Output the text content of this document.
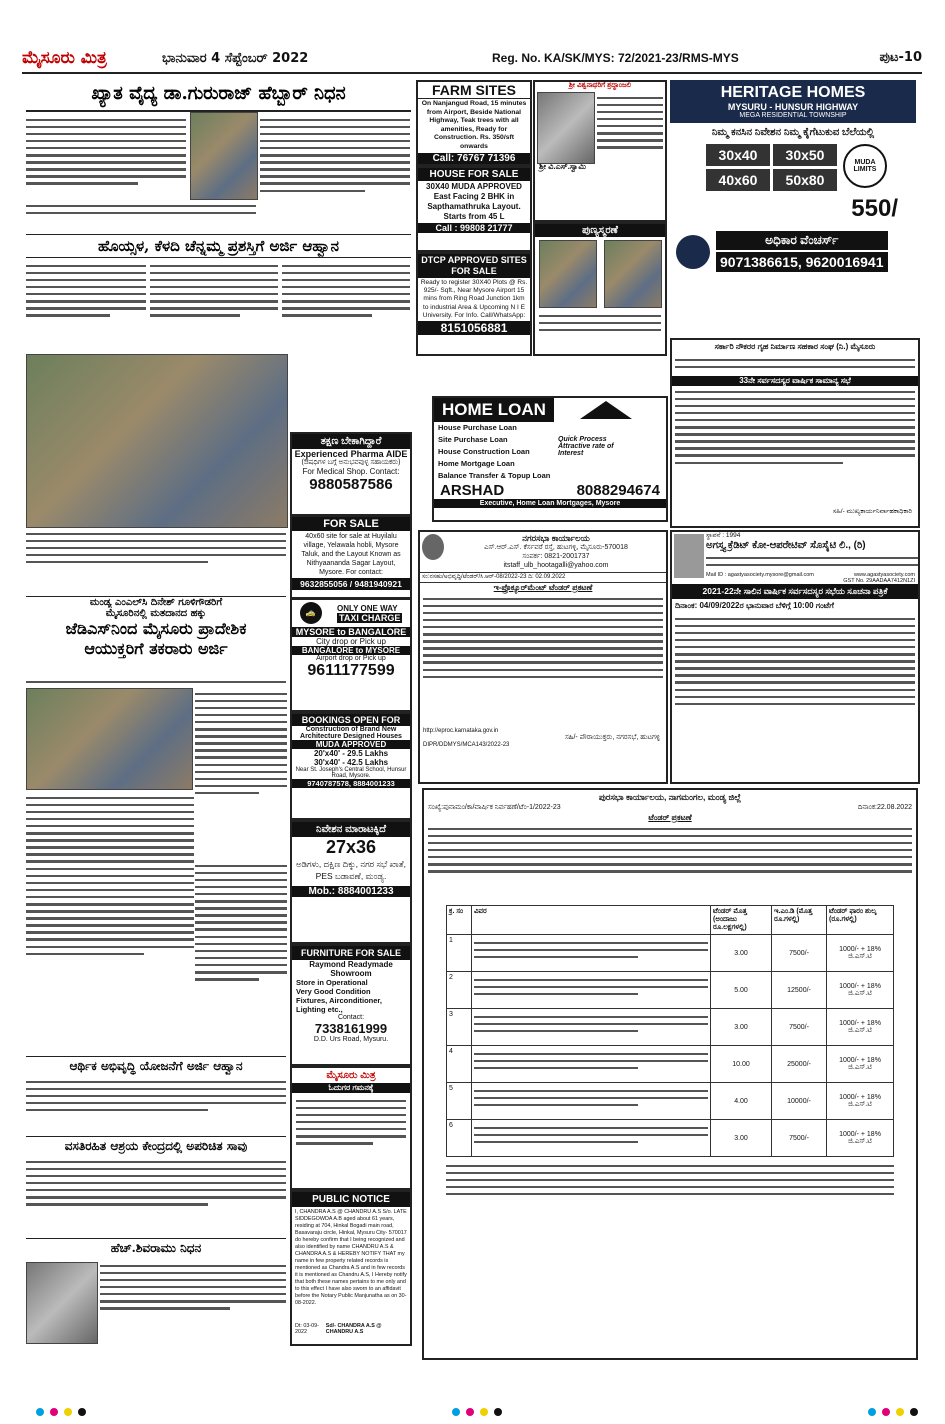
ಮೈಸೂರು ಮಿತ್ರ	ಭಾನುವಾರ 4 ಸೆಪ್ಟೆಂಬರ್ 2022	Reg. No. KA/SK/MYS: 72/2021-23/RMS-MYS	ಪುಟ-10
ಖ್ಯಾತ ವೈದ್ಯ ಡಾ.ಗುರುರಾಜ್ ಹೆಬ್ಬಾರ್ ನಿಧನ
ಹೊಯ್ಸಳ, ಕೆಳದಿ ಚೆನ್ನಮ್ಮ ಪ್ರಶಸ್ತಿಗೆ ಅರ್ಜಿ ಆಹ್ವಾನ
ತಕ್ಷಣ ಬೇಕಾಗಿದ್ದಾರೆ
Experienced Pharma AIDE
(ಔಷಧಿಗಳ ಬಗ್ಗೆ ಅನುಭವವುಳ್ಳ ಸಹಾಯಕರು)
For Medical Shop. Contact:
9880587586
FOR SALE
40x60 site for sale at Huyilalu village, Yelawala hobli, Mysore Taluk, and the Layout Known as Nithyaananda Sagar Layout, Mysore. For contact:
9632855056 / 9481940921
🚕	ONLY ONE WAY
TAXI CHARGE
MYSORE to BANGALORE
City drop or Pick up
BANGALORE to MYSORE
Airport drop or Pick up
9611177599
ಮಂಡ್ಯ ಎಂಎಲ್‌ಸಿ ದಿನೇಶ್ ಗೂಳಿಗೌಡರಿಗೆ
ಮೈಸೂರಿನಲ್ಲಿ ಮತದಾನದ ಹಕ್ಕು
ಜೆಡಿಎಸ್‌ನಿಂದ ಮೈಸೂರು ಪ್ರಾದೇಶಿಕ
ಆಯುಕ್ತರಿಗೆ ತಕರಾರು ಅರ್ಜಿ
ಆರ್ಥಿಕ ಅಭಿವೃದ್ಧಿ ಯೋಜನೆಗೆ ಅರ್ಜಿ ಆಹ್ವಾನ
ವಸತಿರಹಿತ ಆಶ್ರಯ ಕೇಂದ್ರದಲ್ಲಿ ಅಪರಿಚಿತ ಸಾವು
ಹೆಚ್.ಶಿವರಾಮು ನಿಧನ
BOOKINGS OPEN FOR
Construction of Brand New Architecture Designed Houses
MUDA APPROVED
20'x40' - 29.5 Lakhs
30'x40' - 42.5 Lakhs
Near St. Joseph's Central School, Hunsur Road, Mysore.
9740787578, 8884001233
ನಿವೇಶನ ಮಾರಾಟಕ್ಕಿದೆ
27x36
ಅಡಿಗಳು, ದಕ್ಷಿಣ ದಿಕ್ಕು, ನಗರ ಸಭೆ ಖಾತೆ, PES ಬಡಾವಣೆ, ಮಂಡ್ಯ.
Mob.: 8884001233
FURNITURE FOR SALE
Raymond Readymade Showroom
Store in Operational
Very Good Condition
Fixtures, Airconditioner, Lighting etc.,
Contact:
7338161999
D.D. Urs Road, Mysuru.
ಮೈಸೂರು ಮಿತ್ರ
ಓದುಗರ ಗಮನಕ್ಕೆ
PUBLIC NOTICE
I, CHANDRA A.S @ CHANDRU A.S S/o. LATE SIDDEGOWDA A.B aged about 61 years, residing at 704, Hinkal Bogadi main road, Basavaraju circle, Hinkal, Mysuru City- 570017 do hereby confirm that I being recognized and also identified by name CHANDRU A.S & CHANDRA A.S & HEREBY NOTIFY THAT my name in few property related records is mentioned as Chandra A.S and in few records it is mentioned as Chandru A.S, I Hereby notify that both these names pertains to me only and to this effect I have also sworn to an affidavit before the Notary Public Manjunatha as on 30-08-2022.
Dt: 03-09-2022
Sd/- CHANDRA A.S @ CHANDRU A.S
FARM SITES
On Nanjangud Road, 15 minutes from Airport, Beside National Highway, Teak trees with all amenities, Ready for Construction. Rs. 350/sft onwards
Call: 76767 71396
HOUSE FOR SALE
30X40 MUDA APPROVED East Facing 2 BHK in Sapthamathruka Layout. Starts from 45 L
Call : 99808 21777
DTCP APPROVED SITES FOR SALE
Ready to register 30X40 Plots @ Rs. 925/- Sqft., Near Mysore Airport 15 mins from Ring Road Junction 1km to industrial Area & Upcoming N I E University. For Info. Call/WhatsApp:
8151056881
ಶ್ರೀ ವಿಶ್ವನಾಥರಿಗೆ ಶ್ರದ್ಧಾಂಜಲಿ
ಶ್ರೀ ವಿ.ಎಸ್.ಸ್ವಾಮಿ
ಪುಣ್ಯಸ್ಮರಣೆ
HERITAGE HOMES
MYSURU - HUNSUR HIGHWAY
MEGA RESIDENTIAL TOWNSHIP
ನಿಮ್ಮ ಕನಸಿನ ನಿವೇಶನ ನಿಮ್ಮ ಕೈಗೆಟುಕುವ ಬೆಲೆಯಲ್ಲಿ
30x40	30x50
40x60	50x80
MUDA LIMITS
550/
ಅಧಿಕಾರ ವೆಂಚರ್ಸ್
9071386615, 9620016941
HOME LOAN
House Purchase Loan
Site Purchase Loan
House Construction Loan
Home Mortgage Loan
Balance Transfer & Topup Loan
Quick Process
Attractive rate of Interest
ARSHAD	8088294674
Executive, Home Loan Mortgages, Mysore
ನಗರಸಭಾ ಕಾರ್ಯಾಲಯ
ಎಸ್.ಆರ್.ಎಸ್. ಕೆರ್ಸವರೆ ರಸ್ತೆ, ಹುಟಗಳ್ಳಿ, ಮೈಸೂರು-570018
ಸಂಪರ್ಕ: 0821-2001737
itstaff_ulb_hootagalli@yahoo.com
ಸಂ:ನಸಹು/ಅಭಿವೃದ್ಧಿ/ಟೆಂಡರ್/ಸಿ.ಆರ್-08/2022-23 ದಿ: 02.09.2022
ಇ-ಪ್ರೊಕ್ಯೂರ್‌ಮೆಂಟ್ ಟೆಂಡರ್ ಪ್ರಕಟಣೆ
http://eproc.karnataka.gov.in
ಸಹಿ/- ಪೌರಾಯುಕ್ತರು, ನಗರಸಭೆ, ಹುಟಗಳ್ಳಿ
DIPR/DDMYS/MCA143/2022-23
ಸರ್ಕಾರಿ ನೌಕರರ ಗೃಹ ನಿರ್ಮಾಣ ಸಹಕಾರ ಸಂಘ (ನಿ.) ಮೈಸೂರು
33ನೇ ಸರ್ವಸದಸ್ಯರ ವಾರ್ಷಿಕ ಸಾಮಾನ್ಯ ಸಭೆ
ಸಹಿ/- ಮುಖ್ಯಕಾರ್ಯನಿರ್ವಾಹಕಾಧಿಕಾರಿ
ಸ್ಥಾಪನೆ : 1994
ಅಗಸ್ತ್ಯ ಕ್ರೆಡಿಟ್ ಕೋ-ಆಪರೇಟಿವ್ ಸೊಸೈಟಿ ಲಿ., (ರಿ)
Mail ID : agastyasociety.mysore@gmail.com	www.agastyasociety.com
GST No. 29AADAA7412N1ZI
2021-22ನೇ ಸಾಲಿನ ವಾರ್ಷಿಕ ಸರ್ವಸದಸ್ಯರ ಸಭೆಯ ಸೂಚನಾ ಪತ್ರಿಕೆ
ದಿನಾಂಕ: 04/09/2022ರ ಭಾನುವಾರ ಬೆಳಿಗ್ಗೆ 10:00 ಗಂಟೆಗೆ
ಪುರಸಭಾ ಕಾರ್ಯಾಲಯ, ನಾಗಮಂಗಲ, ಮಂಡ್ಯ ಜಿಲ್ಲೆ
ಸಂಖ್ಯೆ:ಪುನಾಮಂ/ಕಾ/ವಾರ್ಷಿಕ ನಿರ್ವಹಣೆ/ಟೆಂ-1/2022-23	ದಿನಾಂಕ:22.08.2022
ಟೆಂಡರ್ ಪ್ರಕಟಣೆ
ಕ್ರ. ಸಂ	ವಿವರ	ಟೆಂಡರ್ ಮೊತ್ತ (ಅಂದಾಜು ರೂ.ಲಕ್ಷಗಳಲ್ಲಿ)	ಇ.ಎಂ.ಡಿ (ಮೊತ್ತ ರೂ.ಗಳಲ್ಲಿ)	ಟೆಂಡರ್ ಫಾರಂ ಶುಲ್ಕ (ರೂ.ಗಳಲ್ಲಿ)
1		3.00	7500/-	1000/- + 18% ಜಿ.ಎಸ್.ಟಿ
2		5.00	12500/-	1000/- + 18% ಜಿ.ಎಸ್.ಟಿ
3		3.00	7500/-	1000/- + 18% ಜಿ.ಎಸ್.ಟಿ
4		10.00	25000/-	1000/- + 18% ಜಿ.ಎಸ್.ಟಿ
5		4.00	10000/-	1000/- + 18% ಜಿ.ಎಸ್.ಟಿ
6		3.00	7500/-	1000/- + 18% ಜಿ.ಎಸ್.ಟಿ
